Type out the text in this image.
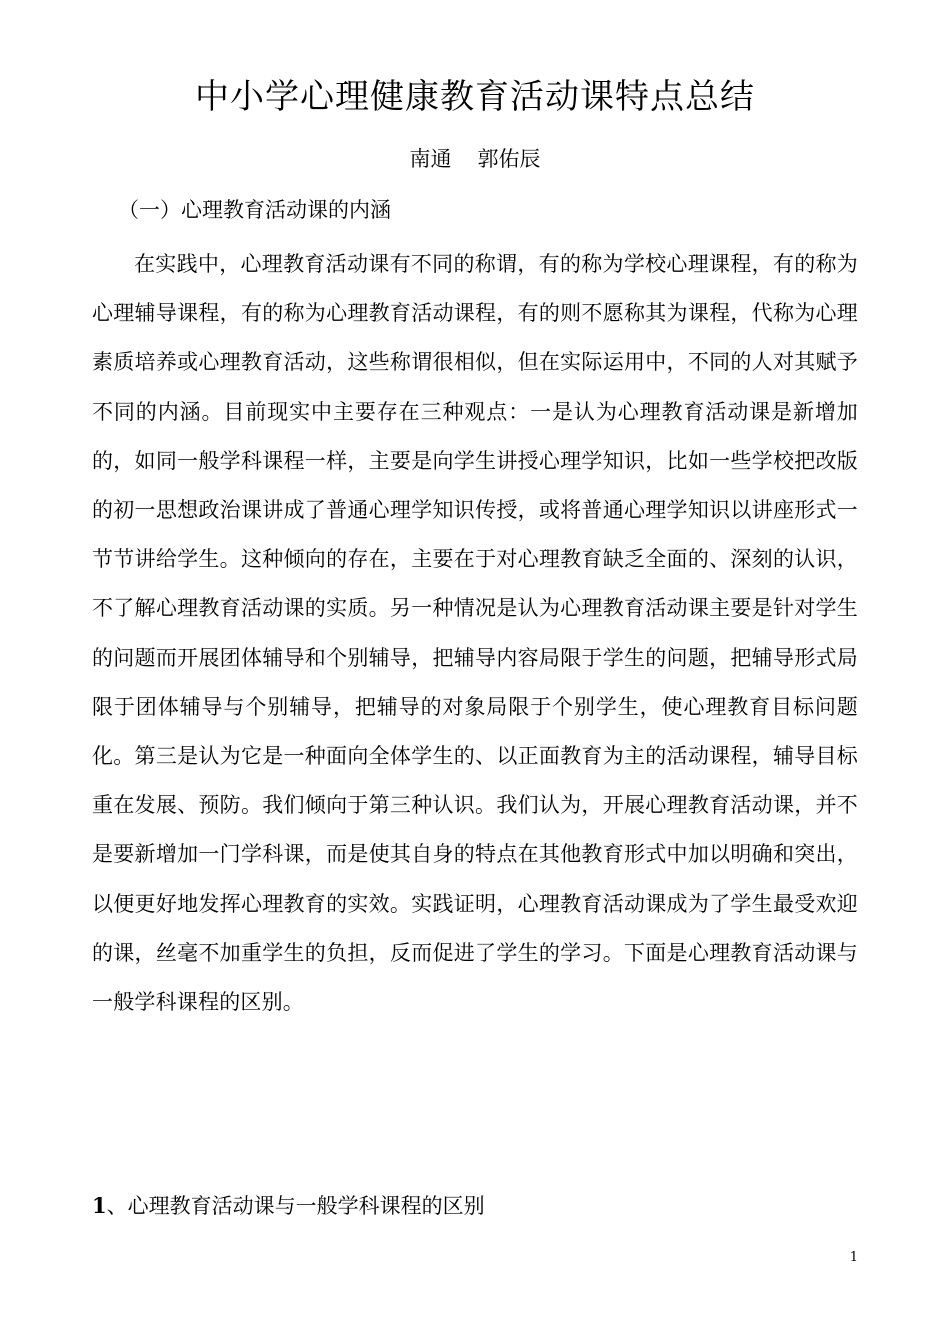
中小学心理健康教育活动课特点总结
南通 郭佑辰
（一）心理教育活动课的内涵

在实践中，心理教育活动课有不同的称谓，有的称为学校心理课程，有的称为心理辅导课程，有的称为心理教育活动课程，有的则不愿称其为课程，代称为心理素质培养或心理教育活动，这些称谓很相似，但在实际运用中，不同的人对其赋予不同的内涵。目前现实中主要存在三种观点：一是认为心理教育活动课是新增加的，如同一般学科课程一样，主要是向学生讲授心理学知识，比如一些学校把改版的初一思想政治课讲成了普通心理学知识传授，或将普通心理学知识以讲座形式一节节讲给学生。这种倾向的存在，主要在于对心理教育缺乏全面的、深刻的认识，不了解心理教育活动课的实质。另一种情况是认为心理教育活动课主要是针对学生的问题而开展团体辅导和个别辅导，把辅导内容局限于学生的问题，把辅导形式局限于团体辅导与个别辅导，把辅导的对象局限于个别学生，使心理教育目标问题化。第三是认为它是一种面向全体学生的、以正面教育为主的活动课程，辅导目标重在发展、预防。我们倾向于第三种认识。我们认为，开展心理教育活动课，并不是要新增加一门学科课，而是使其自身的特点在其他教育形式中加以明确和突出，以便更好地发挥心理教育的实效。实践证明，心理教育活动课成为了学生最受欢迎的课，丝毫不加重学生的负担，反而促进了学生的学习。下面是心理教育活动课与一般学科课程的区别。

1、心理教育活动课与一般学科课程的区别
1
